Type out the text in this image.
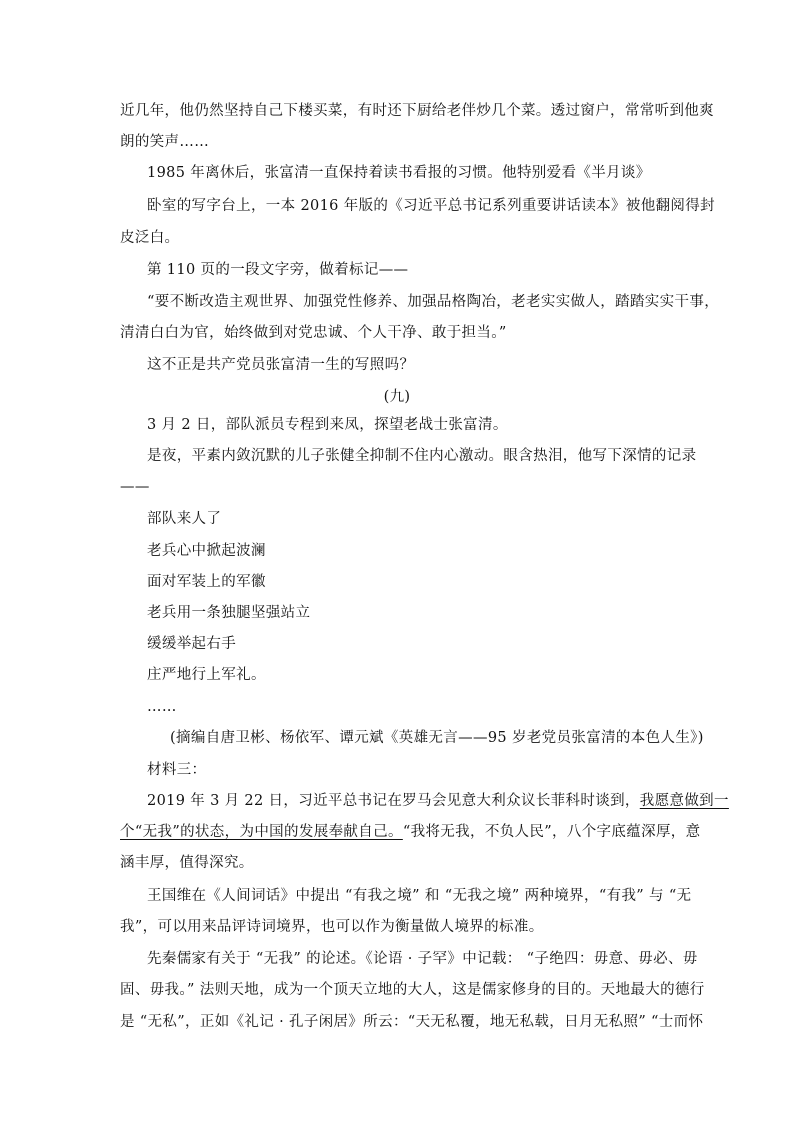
近几年，他仍然坚持自己下楼买菜，有时还下厨给老伴炒几个菜。透过窗户，常常听到他爽
朗的笑声……
1985 年离休后，张富清一直保持着读书看报的习惯。他特别爱看《半月谈》
卧室的写字台上，一本 2016 年版的《习近平总书记系列重要讲话读本》被他翻阅得封
皮泛白。
第 110 页的一段文字旁，做着标记——
“要不断改造主观世界、加强党性修养、加强品格陶冶，老老实实做人，踏踏实实干事，
清清白白为官，始终做到对党忠诚、个人干净、敢于担当。”
这不正是共产党员张富清一生的写照吗？
(九)
3 月 2 日，部队派员专程到来凤，探望老战士张富清。
是夜，平素内敛沉默的儿子张健全抑制不住内心激动。眼含热泪，他写下深情的记录
——
部队来人了
老兵心中掀起波澜
面对军装上的军徽
老兵用一条独腿坚强站立
缓缓举起右手
庄严地行上军礼。
……
(摘编自唐卫彬、杨依军、谭元斌《英雄无言——95 岁老党员张富清的本色人生》)
材料三：
2019 年 3 月 22 日，习近平总书记在罗马会见意大利众议长菲科时谈到，我愿意做到一
个“无我”的状态，为中国的发展奉献自己。“我将无我，不负人民”，八个字底蕴深厚，意
涵丰厚，值得深究。
王国维在《人间词话》中提出 “有我之境” 和 “无我之境” 两种境界，“有我” 与 “无
我”，可以用来品评诗词境界，也可以作为衡量做人境界的标准。
先秦儒家有关于 “无我” 的论述。《论语 · 子罕》中记载： “子绝四：毋意、毋必、毋
固、毋我。” 法则天地，成为一个顶天立地的大人，这是儒家修身的目的。天地最大的德行
是 “无私”，正如《礼记 · 孔子闲居》所云：“天无私覆，地无私载，日月无私照” “士而怀
